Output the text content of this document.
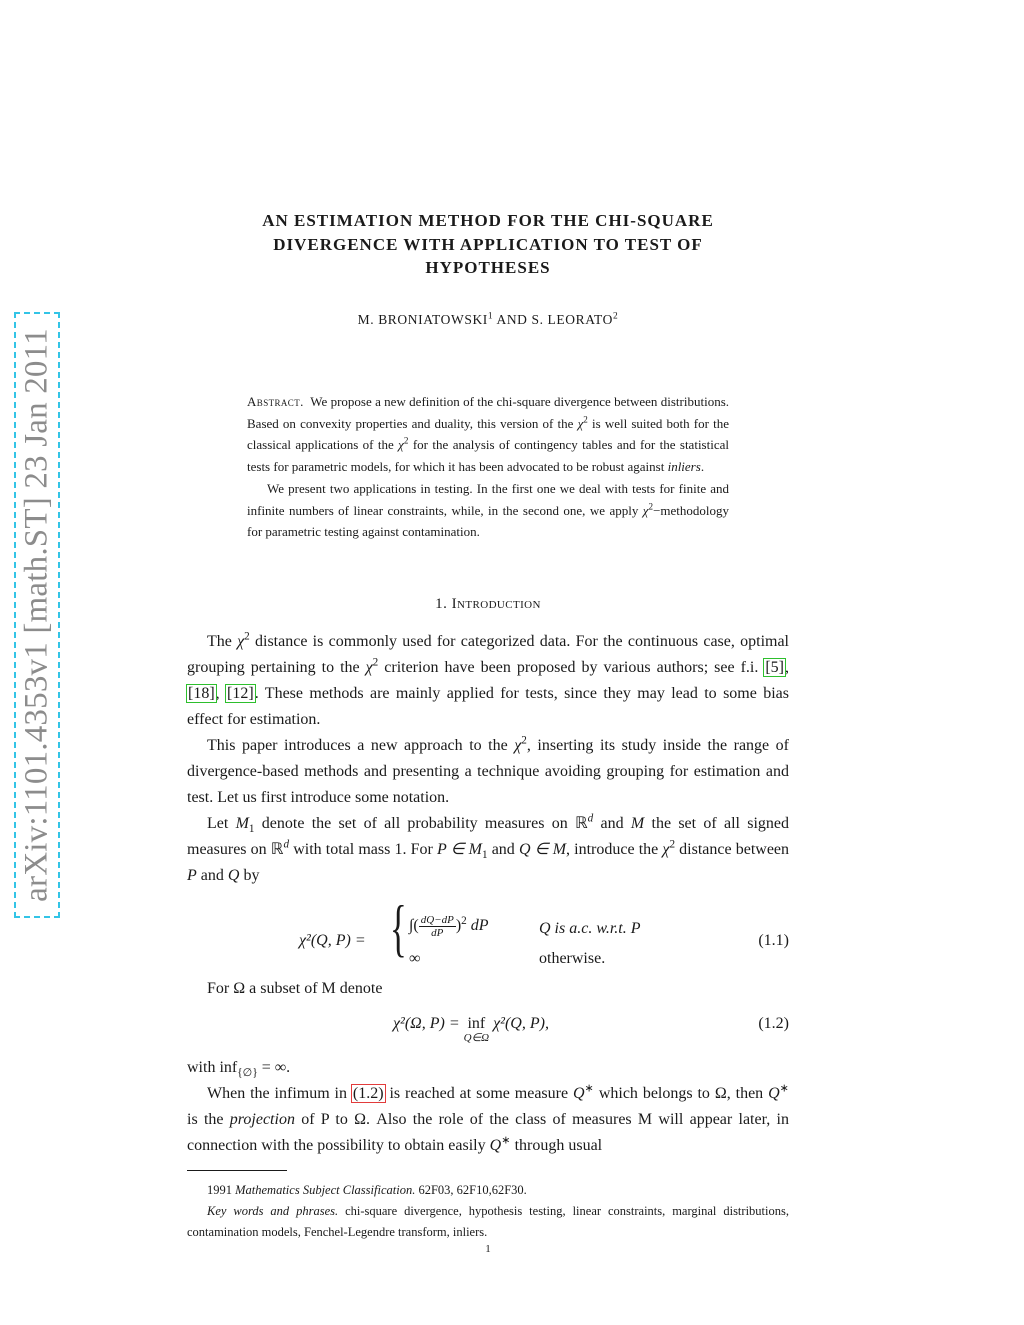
arXiv:1101.4353v1 [math.ST] 23 Jan 2011
AN ESTIMATION METHOD FOR THE CHI-SQUARE
DIVERGENCE WITH APPLICATION TO TEST OF
HYPOTHESES
M. BRONIATOWSKI$^1$ AND S. LEORATO$^2$

Abstract. We propose a new definition of the chi-square divergence between distributions. Based on convexity properties and duality, this version of the $\chi^2$ is well suited both for the classical applications of the $\chi^2$ for the analysis of contingency tables and for the statistical tests for parametric models, for which it has been advocated to be robust against inliers.

We present two applications in testing. In the first one we deal with tests for finite and infinite numbers of linear constraints, while, in the second one, we apply $\chi^2-methodology$ for parametric testing against contamination.

1. Introduction

The $\chi^2$ distance is commonly used for categorized data. For the continuous case, optimal grouping pertaining to the $\chi^2$ criterion have been proposed by various authors; see f.i. [5], [18], [12]. These methods are mainly applied for tests, since they may lead to some bias effect for estimation.

This paper introduces a new approach to the $\chi^2$, inserting its study inside the range of divergence-based methods and presenting a technique avoiding grouping for estimation and test. Let us first introduce some notation.

Let $M_1$ denote the set of all probability measures on ℝ$^d$ and M the set of all signed measures on ℝ$^d$ with total mass 1. For P ∈ $M_1$ and Q ∈ M, introduce the $\chi^2$ distance between P and Q by

χ²(Q, P) = { ∫( $\frac{dQ-dP}{dP} )^2$ dP	Q is a.c. w.r.t. P
∞	otherwise.
(1.1)

For Ω a subset of M denote

χ²(Ω, P) = inf
Q∈Ω
χ²(Q, P),	(1.2)

with inf$_{\{\emptyset\}}$ = ∞.

When the infimum in (1.2) is reached at some measure Q∗ which belongs to Ω, then Q∗ is the projection of P to Ω. Also the role of the class of measures M will appear later, in connection with the possibility to obtain easily Q∗ through usual

1991 Mathematics Subject Classification. 62F03, 62F10,62F30.

Key words and phrases. chi-square divergence, hypothesis testing, linear constraints, marginal distributions, contamination models, Fenchel-Legendre transform, inliers.

1
